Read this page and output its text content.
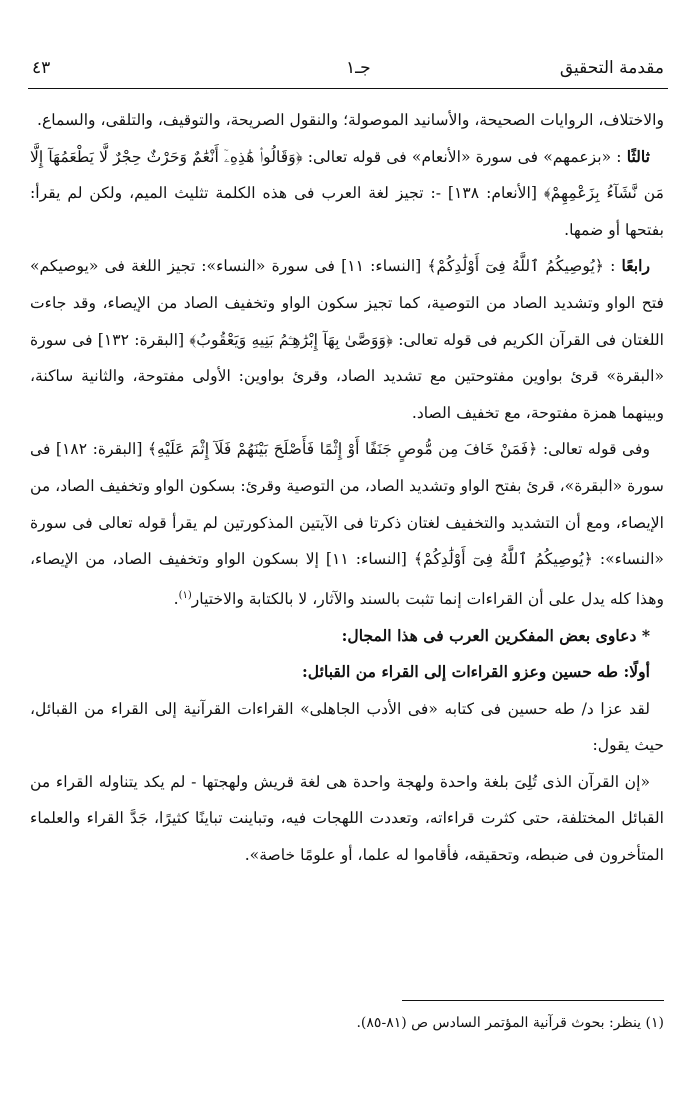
مقدمة التحقيق
جـ١
٤٣

والاختلاف، الروايات الصحيحة، والأسانيد الموصولة؛ والنقول الصريحة، والتوقيف، والتلقى، والسماع.

ثالثًا : «بزعمهم» فى سورة «الأنعام» فى قوله تعالى: ﴿وَقَالُوا۟ هَٰذِهِۦٓ أَنْعَٰمٌ وَحَرْثٌ حِجْرٌ لَّا يَطْعَمُهَآ إِلَّا مَن نَّشَآءُ بِزَعْمِهِمْ﴾ [الأنعام: ١٣٨] -: تجيز لغة العرب فى هذه الكلمة تثليث الميم، ولكن لم يقرأ: بفتحها أو ضمها.

رابعًا : ﴿يُوصِيكُمُ ٱللَّهُ فِىٓ أَوْلَٰدِكُمْ﴾ [النساء: ١١] فى سورة «النساء»: تجيز اللغة فى «يوصيكم» فتح الواو وتشديد الصاد من التوصية، كما تجيز سكون الواو وتخفيف الصاد من الإيصاء، وقد جاءت اللغتان فى القرآن الكريم فى قوله تعالى: ﴿وَوَصَّىٰ بِهَآ إِبْرَٰهِـۧمُ بَنِيهِ وَيَعْقُوبُ﴾ [البقرة: ١٣٢] فى سورة «البقرة» قرئ بواوين مفتوحتين مع تشديد الصاد، وقرئ بواوين: الأولى مفتوحة، والثانية ساكنة، وبينهما همزة مفتوحة، مع تخفيف الصاد.

وفى قوله تعالى: ﴿فَمَنْ خَافَ مِن مُّوصٍ جَنَفًا أَوْ إِثْمًا فَأَصْلَحَ بَيْنَهُمْ فَلَآ إِثْمَ عَلَيْهِ﴾ [البقرة: ١٨٢] فى سورة «البقرة»، قرئ بفتح الواو وتشديد الصاد، من التوصية وقرئ: بسكون الواو وتخفيف الصاد، من الإيصاء، ومع أن التشديد والتخفيف لغتان ذكرتا فى الآيتين المذكورتين لم يقرأ قوله تعالى فى سورة «النساء»: ﴿يُوصِيكُمُ ٱللَّهُ فِىٓ أَوْلَٰدِكُمْ﴾ [النساء: ١١] إلا بسكون الواو وتخفيف الصاد، من الإيصاء، وهذا كله يدل على أن القراءات إنما تثبت بالسند والآثار، لا بالكتابة والاختيار$^{(١)}$.

* دعاوى بعض المفكرين العرب فى هذا المجال:

أولًا: طه حسين وعزو القراءات إلى القراء من القبائل:

لقد عزا د/ طه حسين فى كتابه «فى الأدب الجاهلى» القراءات القرآنية إلى القراء من القبائل، حيث يقول:

«إن القرآن الذى تُلِىَ بلغة واحدة ولهجة واحدة هى لغة قريش ولهجتها - لم يكد يتناوله القراء من القبائل المختلفة، حتى كثرت قراءاته، وتعددت اللهجات فيه، وتباينت تباينًا كثيرًا، جَدَّ القراء والعلماء المتأخرون فى ضبطه، وتحقيقه، فأقاموا له علما، أو علومًا خاصة».

(١) ينظر: بحوث قرآنية المؤتمر السادس ص (٨١-٨٥).
